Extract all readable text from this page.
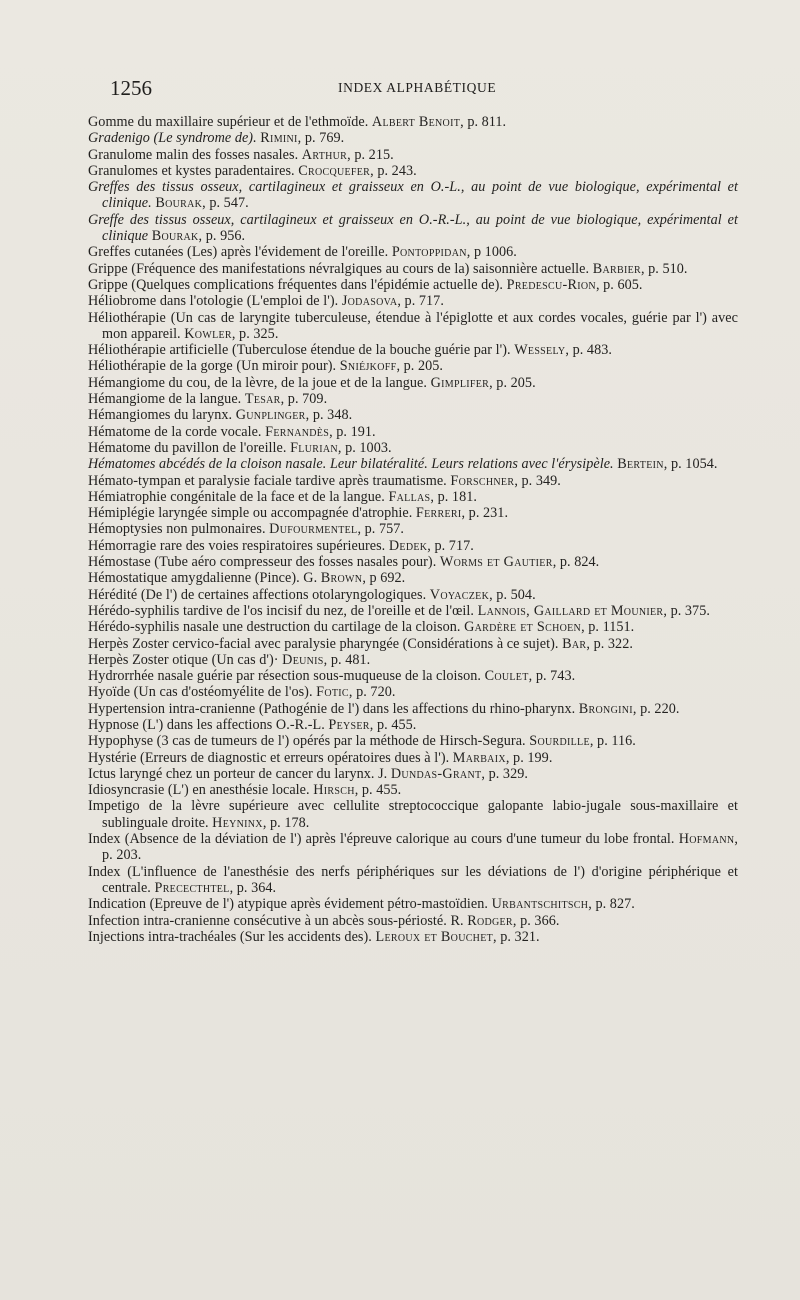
1256	INDEX ALPHABÉTIQUE

Gomme du maxillaire supérieur et de l'ethmoïde. Albert Benoit, p. 811.

Gradenigo (Le syndrome de). Rimini, p. 769.

Granulome malin des fosses nasales. Arthur, p. 215.

Granulomes et kystes paradentaires. Crocquefer, p. 243.

Greffes des tissus osseux, cartilagineux et graisseux en O.-L., au point de vue biologique, expérimental et clinique. Bourak, p. 547.

Greffe des tissus osseux, cartilagineux et graisseux en O.-R.-L., au point de vue biologique, expérimental et clinique Bourak, p. 956.

Greffes cutanées (Les) après l'évidement de l'oreille. Pontoppidan, p 1006.

Grippe (Fréquence des manifestations névralgiques au cours de la) saisonnière actuelle. Barbier, p. 510.

Grippe (Quelques complications fréquentes dans l'épidémie actuelle de). Predescu-Rion, p. 605.

Héliobrome dans l'otologie (L'emploi de l'). Jodasova, p. 717.

Héliothérapie (Un cas de laryngite tuberculeuse, étendue à l'épiglotte et aux cordes vocales, guérie par l') avec mon appareil. Kowler, p. 325.

Héliothérapie artificielle (Tuberculose étendue de la bouche guérie par l'). Wessely, p. 483.

Héliothérapie de la gorge (Un miroir pour). Sniéjkoff, p. 205.

Hémangiome du cou, de la lèvre, de la joue et de la langue. Gimplifer, p. 205.

Hémangiome de la langue. Tesar, p. 709.

Hémangiomes du larynx. Gunplinger, p. 348.

Hématome de la corde vocale. Fernandès, p. 191.

Hématome du pavillon de l'oreille. Flurian, p. 1003.

Hématomes abcédés de la cloison nasale. Leur bilatéralité. Leurs relations avec l'érysipèle. Bertein, p. 1054.

Hémato-tympan et paralysie faciale tardive après traumatisme. Forschner, p. 349.

Hémiatrophie congénitale de la face et de la langue. Fallas, p. 181.

Hémiplégie laryngée simple ou accompagnée d'atrophie. Ferreri, p. 231.

Hémoptysies non pulmonaires. Dufourmentel, p. 757.

Hémorragie rare des voies respiratoires supérieures. Dedek, p. 717.

Hémostase (Tube aéro compresseur des fosses nasales pour). Worms et Gautier, p. 824.

Hémostatique amygdalienne (Pince). G. Brown, p 692.

Hérédité (De l') de certaines affections otolaryngologiques. Voyaczek, p. 504.

Hérédo-syphilis tardive de l'os incisif du nez, de l'oreille et de l'œil. Lannois, Gaillard et Mounier, p. 375.

Hérédo-syphilis nasale une destruction du cartilage de la cloison. Gardère et Schoen, p. 1151.

Herpès Zoster cervico-facial avec paralysie pharyngée (Considérations à ce sujet). Bar, p. 322.

Herpès Zoster otique (Un cas d')· Deunis, p. 481.

Hydrorrhée nasale guérie par résection sous-muqueuse de la cloison. Coulet, p. 743.

Hyoïde (Un cas d'ostéomyélite de l'os). Fotic, p. 720.

Hypertension intra-cranienne (Pathogénie de l') dans les affections du rhino-pharynx. Brongini, p. 220.

Hypnose (L') dans les affections O.-R.-L. Peyser, p. 455.

Hypophyse (3 cas de tumeurs de l') opérés par la méthode de Hirsch-Segura. Sourdille, p. 116.

Hystérie (Erreurs de diagnostic et erreurs opératoires dues à l'). Marbaix, p. 199.

Ictus laryngé chez un porteur de cancer du larynx. J. Dundas-Grant, p. 329.

Idiosyncrasie (L') en anesthésie locale. Hirsch, p. 455.

Impetigo de la lèvre supérieure avec cellulite streptococcique galopante labio-jugale sous-maxillaire et sublinguale droite. Heyninx, p. 178.

Index (Absence de la déviation de l') après l'épreuve calorique au cours d'une tumeur du lobe frontal. Hofmann, p. 203.

Index (L'influence de l'anesthésie des nerfs périphériques sur les déviations de l') d'origine périphérique et centrale. Prececthtel, p. 364.

Indication (Epreuve de l') atypique après évidement pétro-mastoïdien. Urbantschitsch, p. 827.

Infection intra-cranienne consécutive à un abcès sous-périosté. R. Rodger, p. 366.

Injections intra-trachéales (Sur les accidents des). Leroux et Bouchet, p. 321.
